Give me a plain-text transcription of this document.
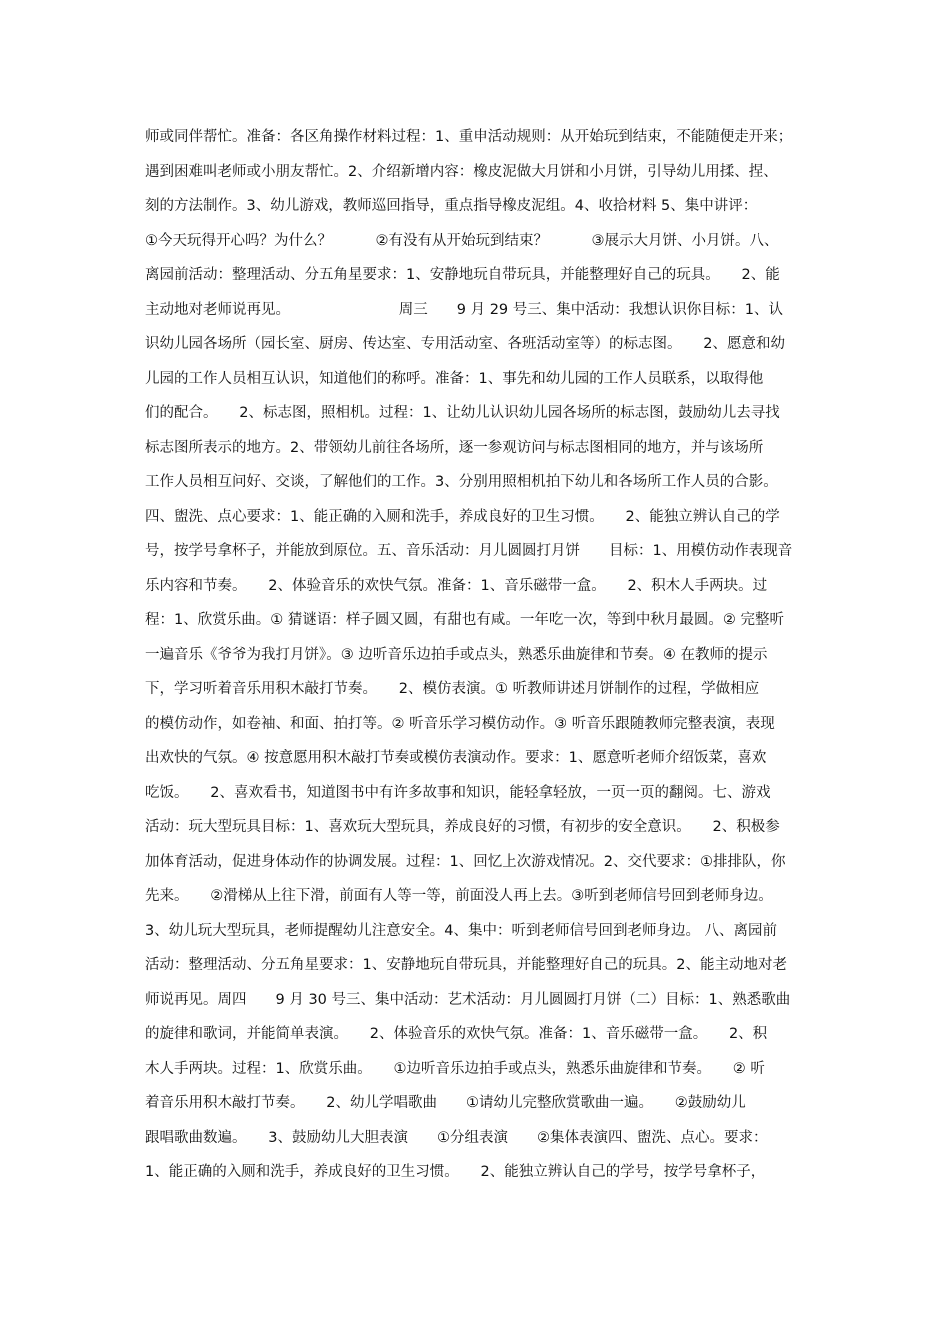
师或同伴帮忙。准备：各区角操作材料过程：1、重申活动规则：从开始玩到结束，不能随便走开来；
遇到困难叫老师或小朋友帮忙。2、介绍新增内容：橡皮泥做大月饼和小月饼，引导幼儿用揉、捏、
刻的方法制作。3、幼儿游戏，教师巡回指导，重点指导橡皮泥组。4、收拾材料 5、集中讲评：
①今天玩得开心吗？为什么？　　　②有没有从开始玩到结束？　　　③展示大月饼、小月饼。八、
离园前活动：整理活动、分五角星要求：1、安静地玩自带玩具，并能整理好自己的玩具。　　2、能
主动地对老师说再见。　　　　　　　　周三　　9 月 29 号三、集中活动：我想认识你目标：1、认
识幼儿园各场所（园长室、厨房、传达室、专用活动室、各班活动室等）的标志图。　　2、愿意和幼
儿园的工作人员相互认识，知道他们的称呼。准备：1、事先和幼儿园的工作人员联系，以取得他
们的配合。　　2、标志图，照相机。过程：1、让幼儿认识幼儿园各场所的标志图，鼓励幼儿去寻找
标志图所表示的地方。2、带领幼儿前往各场所，逐一参观访问与标志图相同的地方，并与该场所
工作人员相互问好、交谈，了解他们的工作。3、分别用照相机拍下幼儿和各场所工作人员的合影。
四、盥洗、点心要求：1、能正确的入厕和洗手，养成良好的卫生习惯。　　2、能独立辨认自己的学
号，按学号拿杯子，并能放到原位。五、音乐活动：月儿圆圆打月饼　　目标：1、用模仿动作表现音
乐内容和节奏。　　2、体验音乐的欢快气氛。准备：1、音乐磁带一盒。　　2、积木人手两块。过
程：1、欣赏乐曲。① 猜谜语：样子圆又圆，有甜也有咸。一年吃一次，等到中秋月最圆。② 完整听
一遍音乐《爷爷为我打月饼》。③ 边听音乐边拍手或点头，熟悉乐曲旋律和节奏。④ 在教师的提示
下，学习听着音乐用积木敲打节奏。　　2、模仿表演。① 听教师讲述月饼制作的过程，学做相应
的模仿动作，如卷袖、和面、拍打等。② 听音乐学习模仿动作。③ 听音乐跟随教师完整表演，表现
出欢快的气氛。④ 按意愿用积木敲打节奏或模仿表演动作。要求：1、愿意听老师介绍饭菜，喜欢
吃饭。　　2、喜欢看书，知道图书中有许多故事和知识，能轻拿轻放，一页一页的翻阅。七、游戏
活动：玩大型玩具目标：1、喜欢玩大型玩具，养成良好的习惯，有初步的安全意识。　　2、积极参
加体育活动，促进身体动作的协调发展。过程：1、回忆上次游戏情况。2、交代要求：①排排队，你
先来。　　②滑梯从上往下滑，前面有人等一等，前面没人再上去。③听到老师信号回到老师身边。
3、幼儿玩大型玩具，老师提醒幼儿注意安全。4、集中：听到老师信号回到老师身边。 八、离园前
活动：整理活动、分五角星要求：1、安静地玩自带玩具，并能整理好自己的玩具。2、能主动地对老
师说再见。周四　　9 月 30 号三、集中活动：艺术活动：月儿圆圆打月饼（二）目标：1、熟悉歌曲
的旋律和歌词，并能简单表演。　　2、体验音乐的欢快气氛。准备：1、音乐磁带一盒。　　2、积
木人手两块。过程：1、欣赏乐曲。　　①边听音乐边拍手或点头，熟悉乐曲旋律和节奏。　　② 听
着音乐用积木敲打节奏。　　2、幼儿学唱歌曲　　①请幼儿完整欣赏歌曲一遍。　　②鼓励幼儿
跟唱歌曲数遍。　　3、鼓励幼儿大胆表演　　①分组表演　　②集体表演四、盥洗、点心。要求：
1、能正确的入厕和洗手，养成良好的卫生习惯。　　2、能独立辨认自己的学号，按学号拿杯子，
